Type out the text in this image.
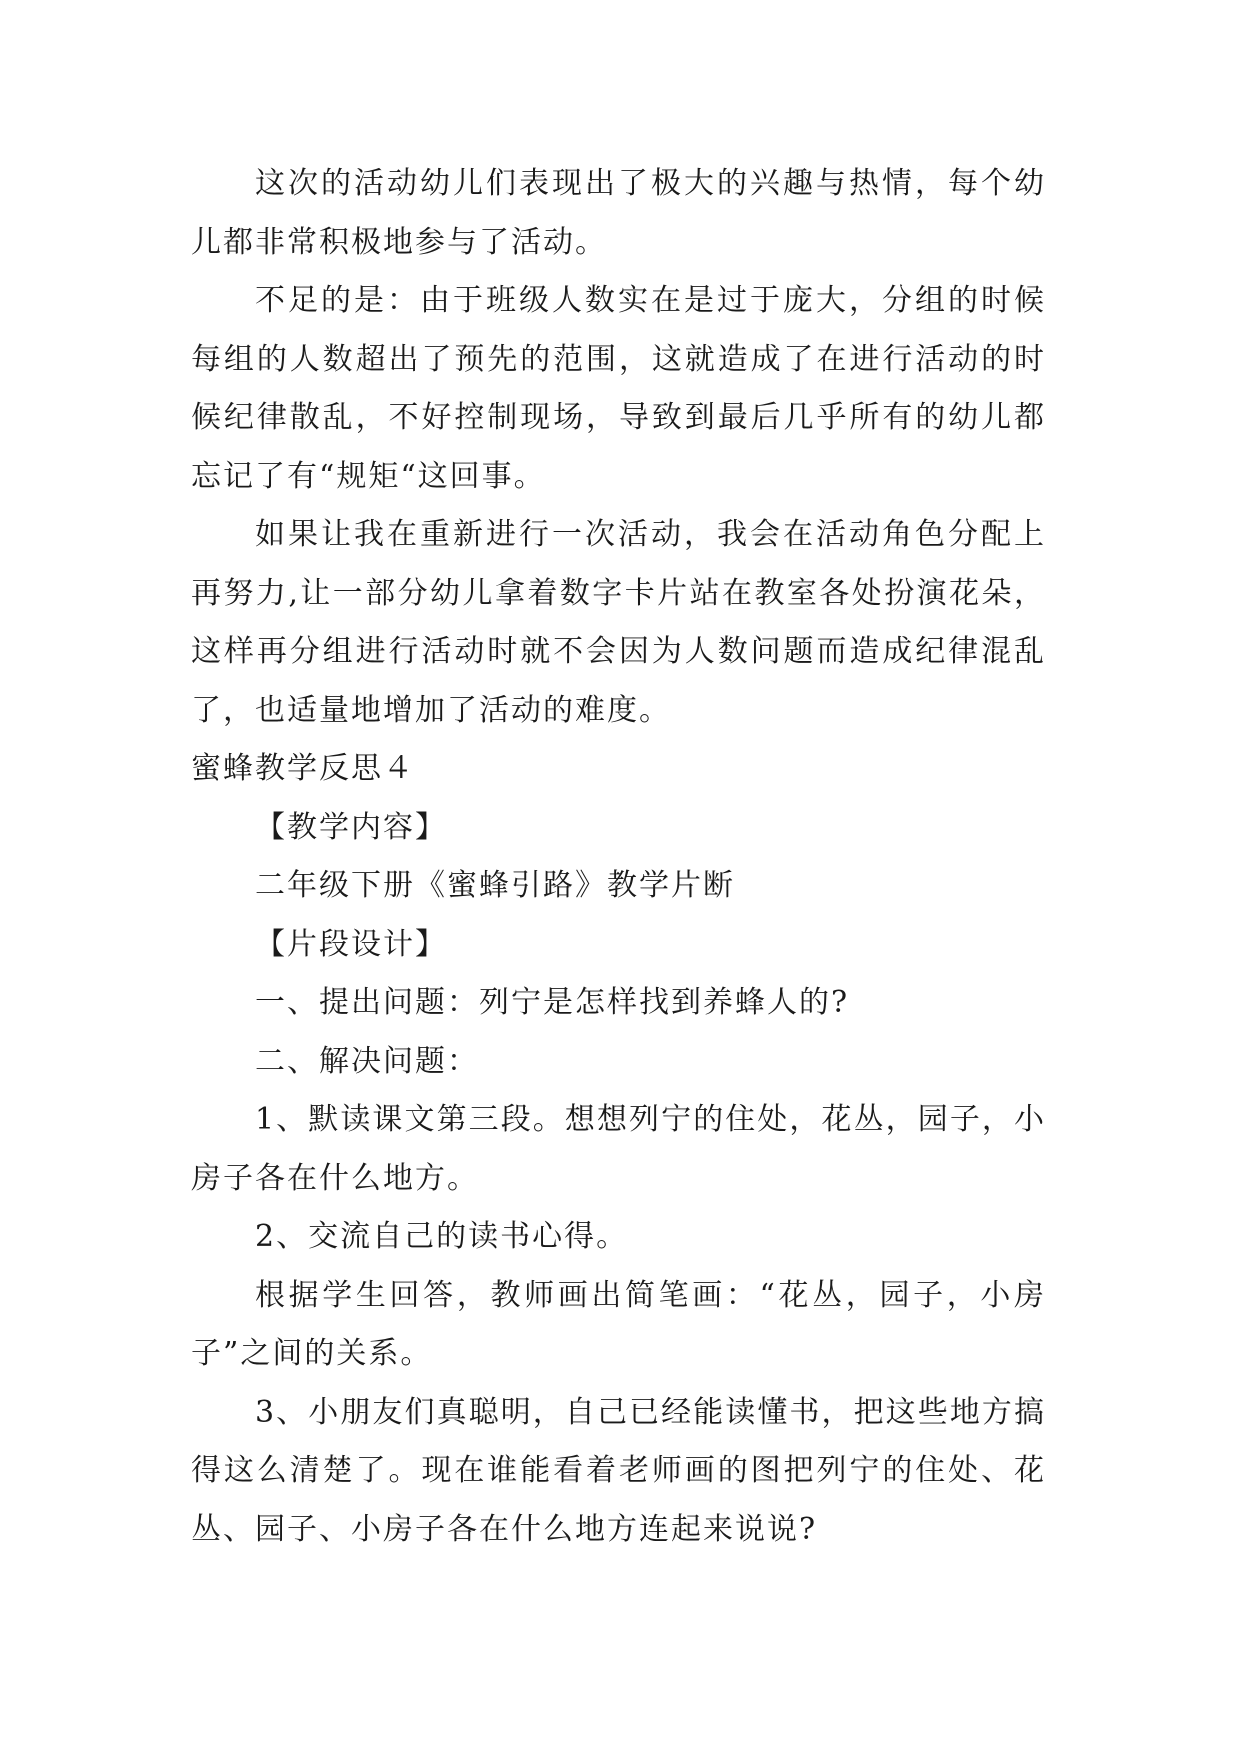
这次的活动幼儿们表现出了极大的兴趣与热情，每个幼儿都非常积极地参与了活动。

不足的是：由于班级人数实在是过于庞大，分组的时候每组的人数超出了预先的范围，这就造成了在进行活动的时候纪律散乱，不好控制现场，导致到最后几乎所有的幼儿都忘记了有“规矩“这回事。

如果让我在重新进行一次活动，我会在活动角色分配上再努力,让一部分幼儿拿着数字卡片站在教室各处扮演花朵，这样再分组进行活动时就不会因为人数问题而造成纪律混乱了，也适量地增加了活动的难度。

蜜蜂教学反思４

【教学内容】

二年级下册《蜜蜂引路》教学片断

【片段设计】

一、提出问题：列宁是怎样找到养蜂人的?

二、解决问题：

1、默读课文第三段。想想列宁的住处，花丛，园子，小房子各在什么地方。

2、交流自己的读书心得。

根据学生回答，教师画出简笔画：“花丛，园子，小房子”之间的关系。

3、小朋友们真聪明，自己已经能读懂书，把这些地方搞得这么清楚了。现在谁能看着老师画的图把列宁的住处、花丛、园子、小房子各在什么地方连起来说说?
